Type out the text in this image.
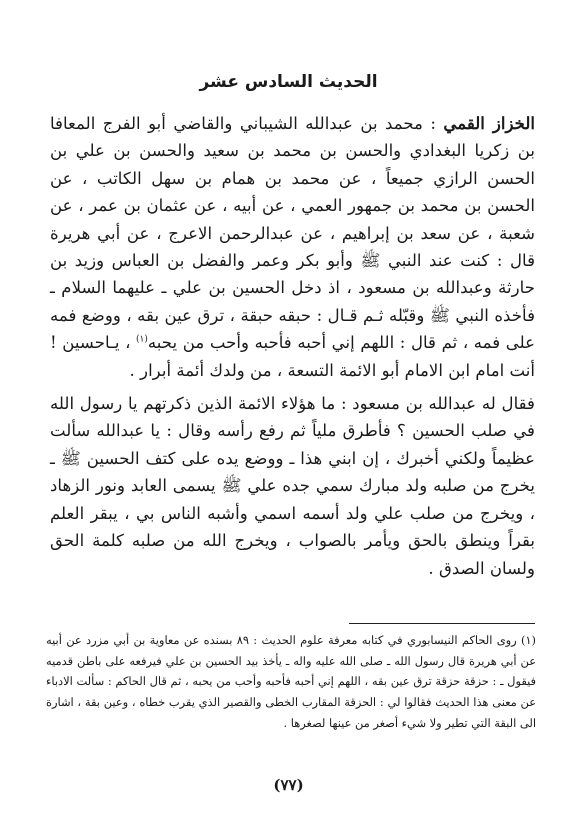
الحديث السادس عشر

الخزاز القمي : محمد بن عبدالله الشيباني والقاضي أبو الفرج المعافا بن زكريا البغدادي والحسن بن محمد بن سعيد والحسن بن علي بن الحسن الرازي جميعاً ، عن محمد بن همام بن سهل الكاتب ، عن الحسن بن محمد بن جمهور العمي ، عن أبيه ، عن عثمان بن عمر ، عن شعبة ، عن سعد بن إبراهيم ، عن عبدالرحمن الاعرج ، عن أبي هريرة قال : كنت عند النبي ﷺ وأبو بكر وعمر والفضل بن العباس وزيد بن حارثة وعبدالله بن مسعود ، اذ دخل الحسين بن علي ـ عليهما السلام ـ فأخذه النبي ﷺ وقبّله ثـم قـال : حبقه حبقة ، ترق عين بقه ، ووضع فمه على فمه ، ثم قال : اللهم إني أحبه فأحبه وأحب من يحبه$^{(١)}$ ، يـاحسين ! أنت امام ابن الامام أبو الائمة التسعة ، من ولدك أئمة أبرار .

فقال له عبدالله بن مسعود : ما هؤلاء الائمة الذين ذكرتهم يا رسول الله في صلب الحسين ؟ فأطرق ملياً ثم رفع رأسه وقال : يا عبدالله سألت عظيماً ولكني أخبرك ، إن ابني هذا ـ ووضع يده على كتف الحسين ﷺ ـ يخرج من صلبه ولد مبارك سمي جده علي ﷺ يسمى العابد ونور الزهاد ، ويخرج من صلب علي ولد أسمه اسمي وأشبه الناس بي ، يبقر العلم بقراً وينطق بالحق ويأمر بالصواب ، ويخرج الله من صلبه كلمة الحق ولسان الصدق .

(١) روى الحاكم النيسابوري في كتابه معرفة علوم الحديث : ٨٩ بسنده عن معاوية بن أبي مزرد عن أبيه عن أبي هريرة قال رسول الله ـ صلى الله عليه واله ـ يأخذ بيد الحسين بن علي فيرفعه على باطن قدميه فيقول ـ : حزقة حزقة ترق عين بقه ، اللهم إني أحبه فأحبه وأحب من يحبه ، ثم قال الحاكم : سألت الادباء عن معنى هذا الحديث فقالوا لي : الحزقة المقارب الخطى والقصير الذي يقرب خطاه ، وعين بقة ، اشارة الى البقة التي تطير ولا شيء أصغر من عينها لصغرها .

(٧٧)
